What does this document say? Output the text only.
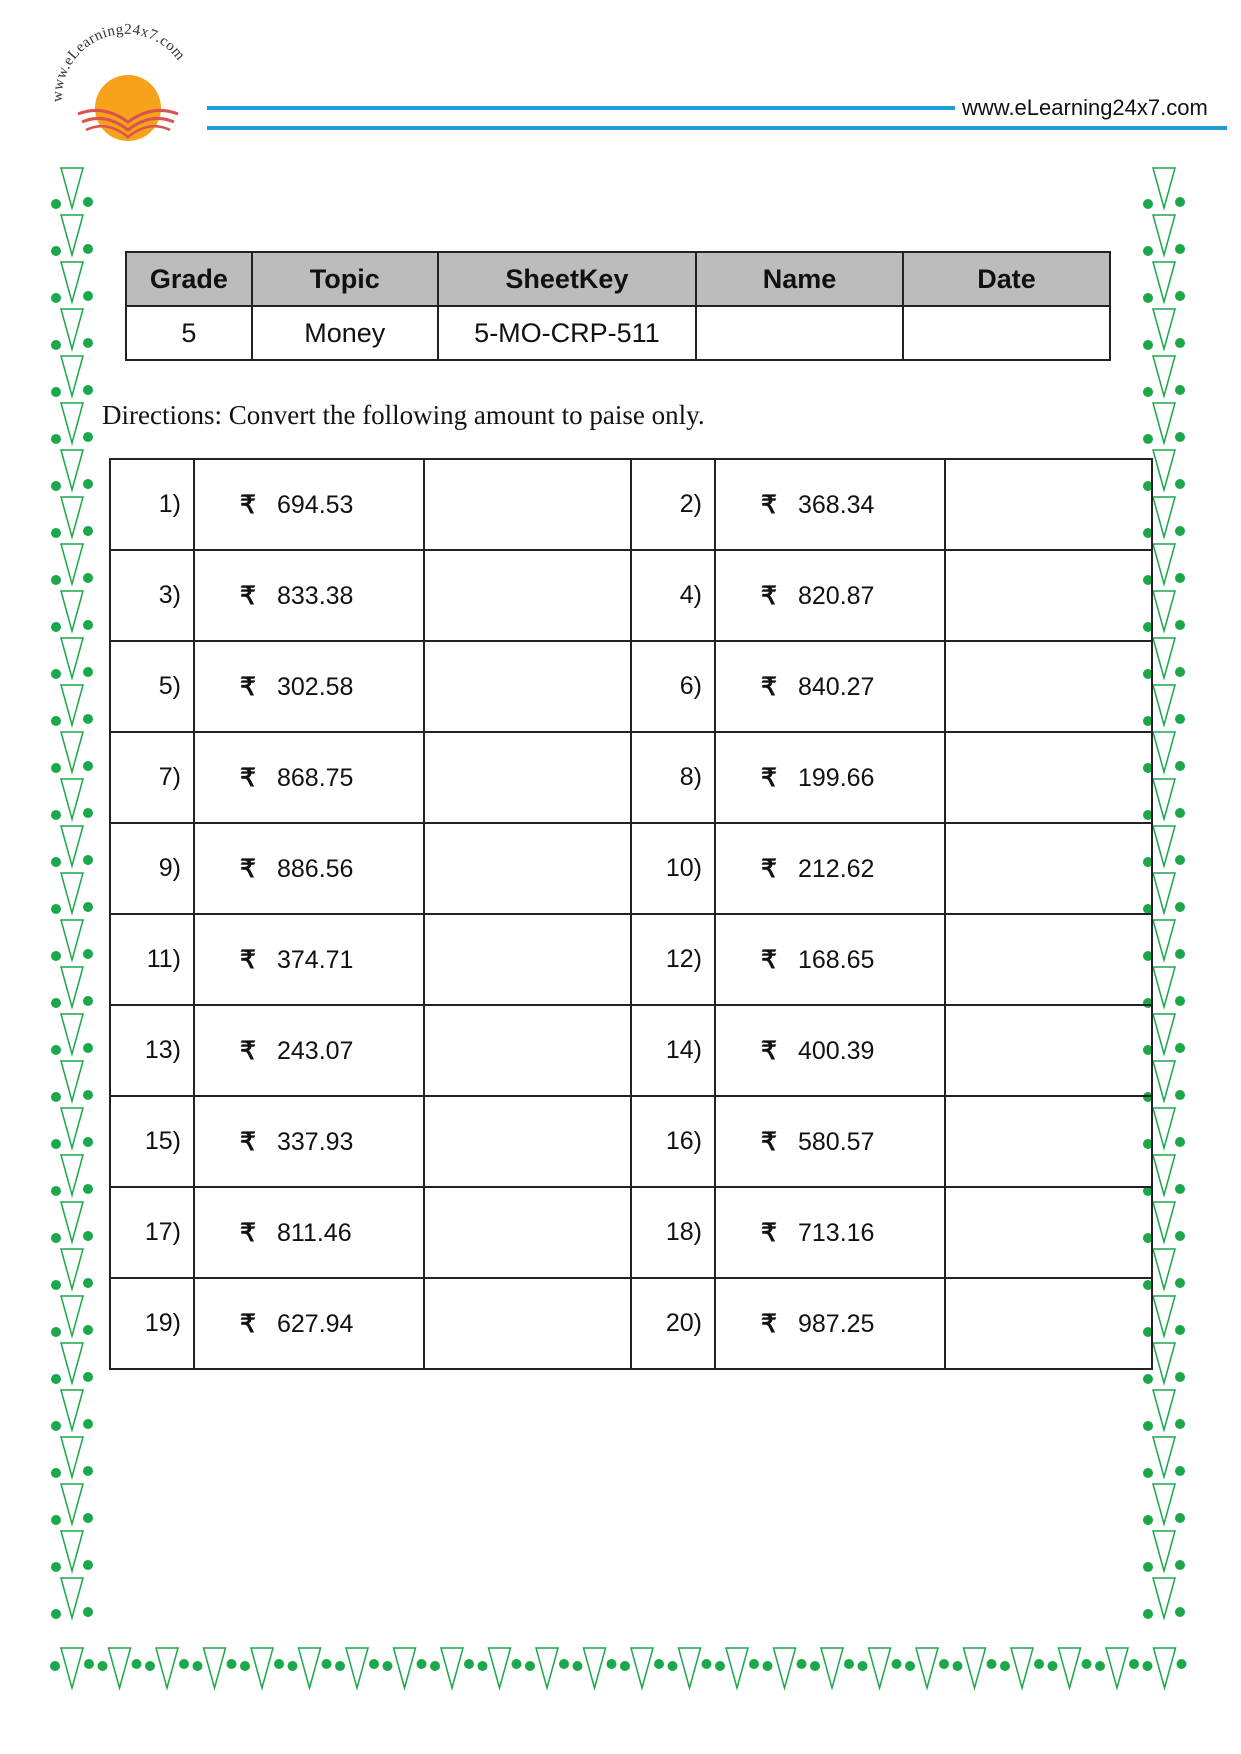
www.eLearning24x7.com
www.eLearning24x7.com
Grade	Topic	SheetKey	Name	Date
5	Money	5-MO-CRP-511		
Directions: Convert the following amount to paise only.
1)	₹ 694.53		2)	₹ 368.34	
3)	₹ 833.38		4)	₹ 820.87	
5)	₹ 302.58		6)	₹ 840.27	
7)	₹ 868.75		8)	₹ 199.66	
9)	₹ 886.56		10)	₹ 212.62	
11)	₹ 374.71		12)	₹ 168.65	
13)	₹ 243.07		14)	₹ 400.39	
15)	₹ 337.93		16)	₹ 580.57	
17)	₹ 811.46		18)	₹ 713.16	
19)	₹ 627.94		20)	₹ 987.25	
